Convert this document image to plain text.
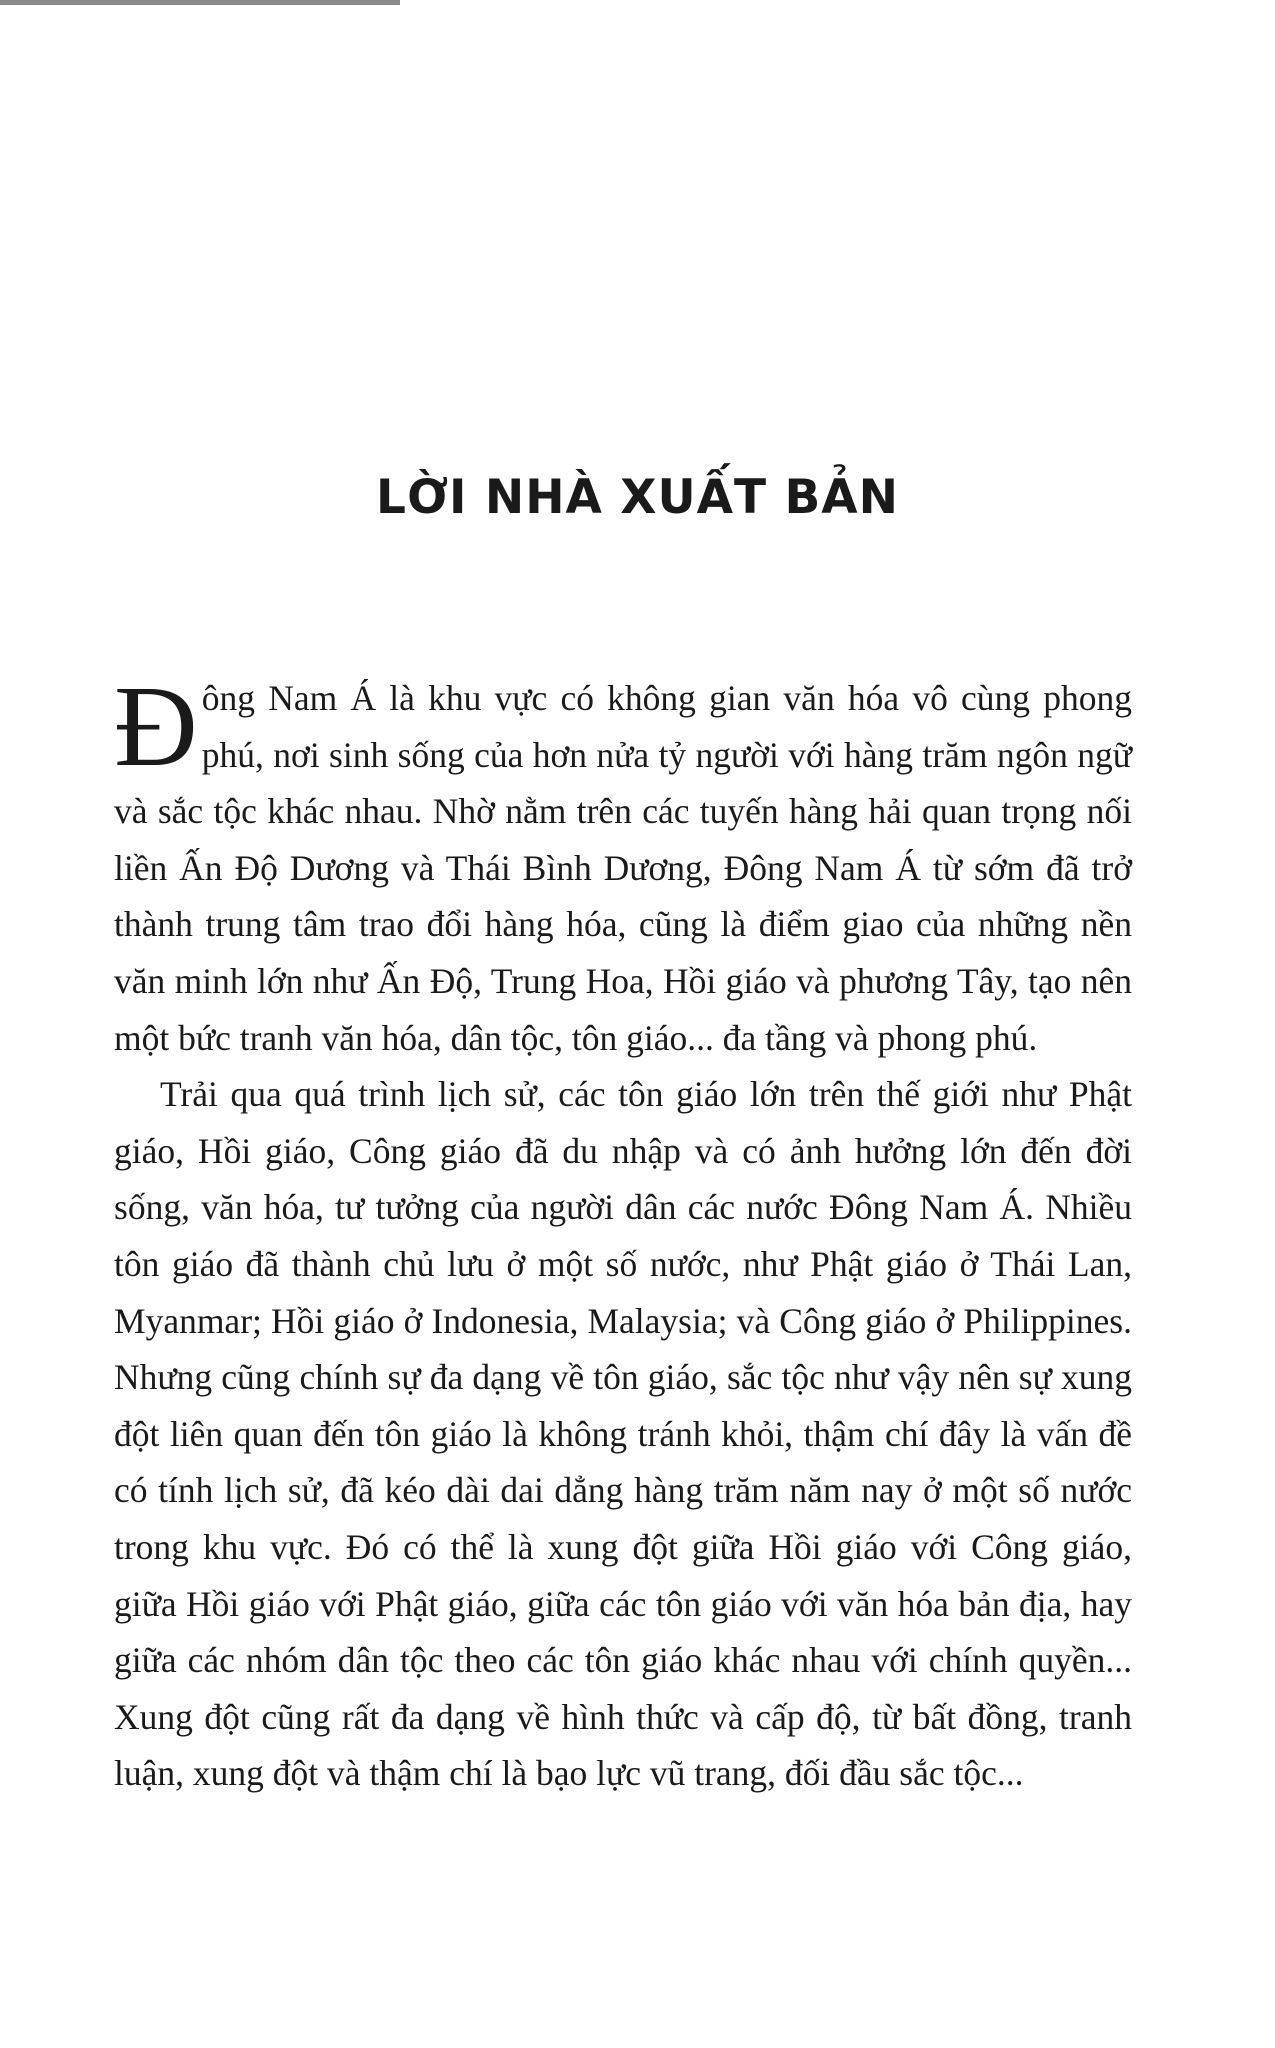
LỜI NHÀ XUẤT BẢN

Đông Nam Á là khu vực có không gian văn hóa vô cùng phong phú, nơi sinh sống của hơn nửa tỷ người với hàng trăm ngôn ngữ và sắc tộc khác nhau. Nhờ nằm trên các tuyến hàng hải quan trọng nối liền Ấn Độ Dương và Thái Bình Dương, Đông Nam Á từ sớm đã trở thành trung tâm trao đổi hàng hóa, cũng là điểm giao của những nền văn minh lớn như Ấn Độ, Trung Hoa, Hồi giáo và phương Tây, tạo nên một bức tranh văn hóa, dân tộc, tôn giáo... đa tầng và phong phú.

Trải qua quá trình lịch sử, các tôn giáo lớn trên thế giới như Phật giáo, Hồi giáo, Công giáo đã du nhập và có ảnh hưởng lớn đến đời sống, văn hóa, tư tưởng của người dân các nước Đông Nam Á. Nhiều tôn giáo đã thành chủ lưu ở một số nước, như Phật giáo ở Thái Lan, Myanmar; Hồi giáo ở Indonesia, Malaysia; và Công giáo ở Philippines. Nhưng cũng chính sự đa dạng về tôn giáo, sắc tộc như vậy nên sự xung đột liên quan đến tôn giáo là không tránh khỏi, thậm chí đây là vấn đề có tính lịch sử, đã kéo dài dai dẳng hàng trăm năm nay ở một số nước trong khu vực. Đó có thể là xung đột giữa Hồi giáo với Công giáo, giữa Hồi giáo với Phật giáo, giữa các tôn giáo với văn hóa bản địa, hay giữa các nhóm dân tộc theo các tôn giáo khác nhau với chính quyền... Xung đột cũng rất đa dạng về hình thức và cấp độ, từ bất đồng, tranh luận, xung đột và thậm chí là bạo lực vũ trang, đối đầu sắc tộc...
